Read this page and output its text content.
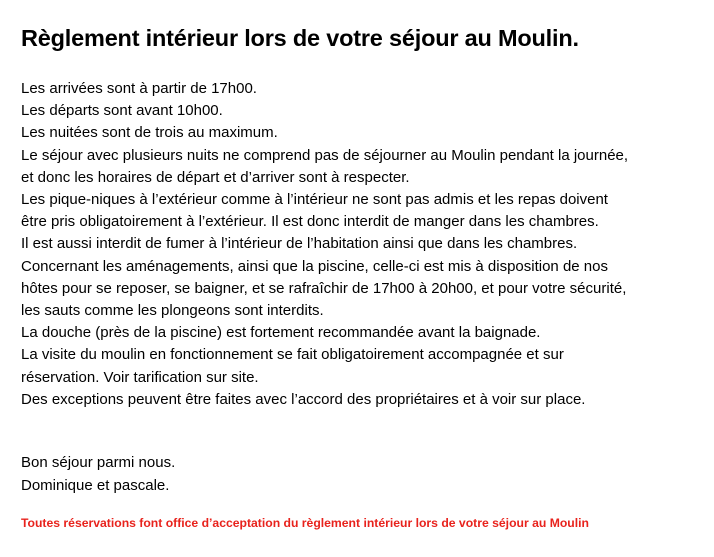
Règlement intérieur lors de votre séjour au Moulin.
Les arrivées sont à partir de 17h00.
Les départs sont avant 10h00.
Les nuitées sont de trois au maximum.
Le séjour avec plusieurs nuits ne comprend pas de séjourner au Moulin pendant la journée,
et donc les horaires de départ et d’arriver sont à respecter.
Les pique-niques à l’extérieur comme à l’intérieur ne sont pas admis et les repas doivent
être pris obligatoirement à l’extérieur. Il est donc interdit de manger dans les chambres.
Il est aussi interdit de fumer à l’intérieur de l’habitation ainsi que dans les chambres.
Concernant les aménagements, ainsi que la piscine, celle-ci est mis à disposition de nos
hôtes pour se reposer, se baigner, et se rafraîchir de 17h00 à 20h00, et pour votre sécurité,
les sauts comme les plongeons sont interdits.
La douche (près de la piscine) est fortement recommandée avant la baignade.
La visite du moulin en fonctionnement se fait obligatoirement accompagnée et sur
réservation. Voir tarification sur site.
Des exceptions peuvent être faites avec l’accord des propriétaires et à voir sur place.
Bon séjour parmi nous.
Dominique et pascale.
Toutes réservations font office d’acceptation du règlement intérieur lors de votre séjour au Moulin
